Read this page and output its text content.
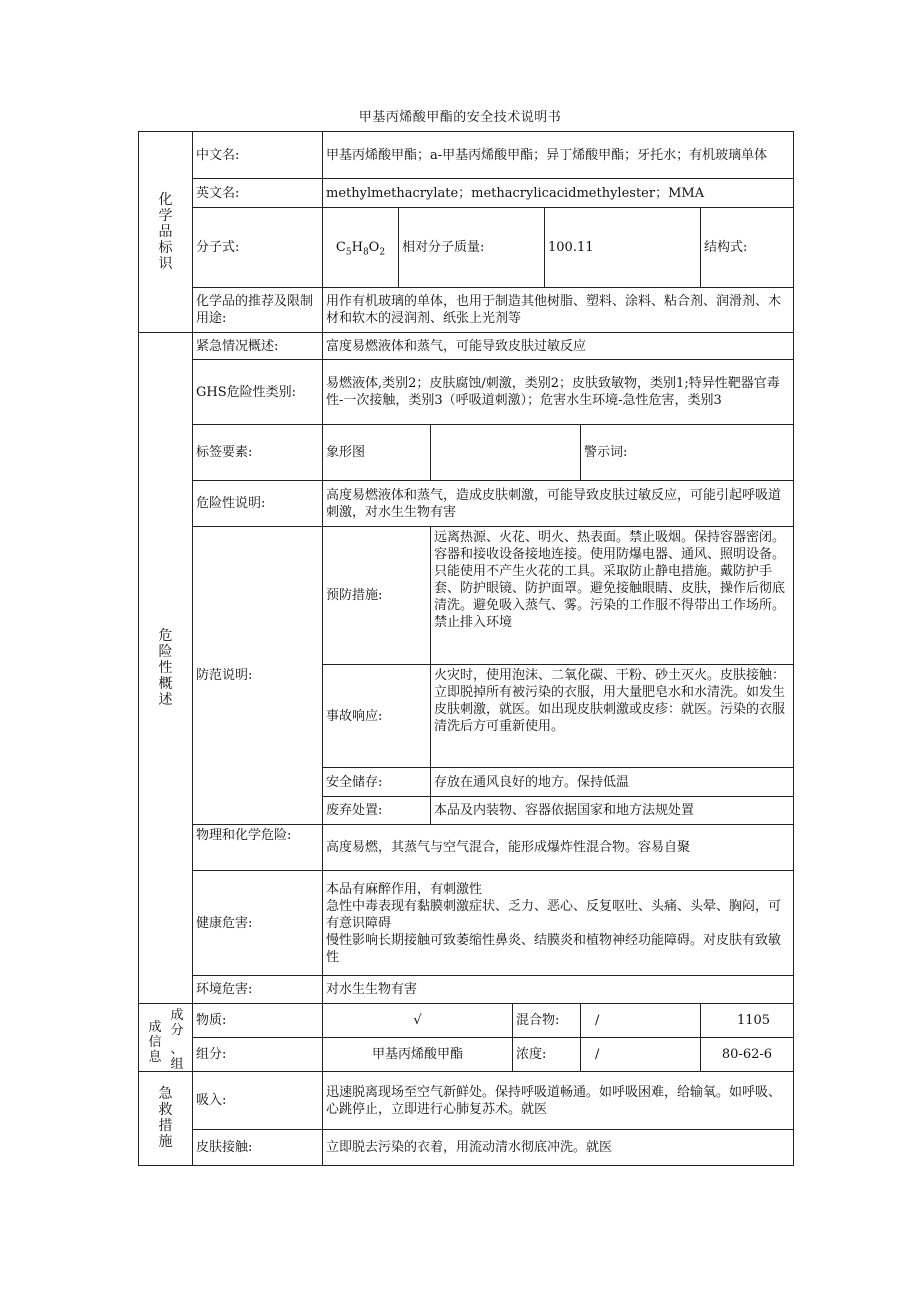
甲基丙烯酸甲酯的安全技术说明书
化学品标识	中文名:	甲基丙烯酸甲酯；a-甲基丙烯酸甲酯；异丁烯酸甲酯；牙托水；有机玻璃单体							
	英文名:	methylmethacrylate；methacrylicacidmethylester；MMA							
	分子式:	$C_5H_8O_2$	相对分子质量:			100.11		结构式:	

	化学品的推荐及限制用途:	用作有机玻璃的单体，也用于制造其他树脂、塑料、涂料、粘合剂、润滑剂、木材和软木的浸润剂、纸张上光剂等							
危险性概述	紧急情况概述:	富度易燃液体和蒸气，可能导致皮肤过敏反应							
	GHS危险性类别:	易燃液体,类别2；皮肤腐蚀/刺激，类别2；皮肤致敏物，类别1;特异性靶器官毒性-一次接触，类别3（呼吸道刺激）；危害水生环境-急性危害，类别3							
	标签要素:	象形图					警示词:	
	危险性说明:	高度易燃液体和蒸气，造成皮肤刺激，可能导致皮肤过敏反应，可能引起呼吸道刺激，对水生生物有害							
	防范说明:	预防措施:		远离热源、火花、明火、热表面。禁止吸烟。保持容器密闭。容器和接收设备接地连接。使用防爆电器、通风、照明设备。只能使用不产生火花的工具。采取防止静电措施。戴防护手套、防护眼镜、防护面罩。避免接触眼睛、皮肤，操作后彻底清洗。避免吸入蒸气、雾。污染的工作服不得带出工作场所。禁止排入环境					
		事故响应:		火灾时，使用泡沫、二氧化碳、干粉、砂土灭火。皮肤接触：立即脱掉所有被污染的衣服，用大量肥皂水和水清洗。如发生皮肤刺激，就医。如出现皮肤刺激或皮疹：就医。污染的衣服清洗后方可重新使用。					
		安全储存:		存放在通风良好的地方。保持低温					
		废弃处置:		本品及内装物、容器依据国家和地方法规处置					
	物理和化学危险:	高度易燃，其蒸气与空气混合，能形成爆炸性混合物。容易自聚							
	健康危害:	本品有麻醉作用，有刺激性
急性中毒表现有黏膜刺激症状、乏力、恶心、反复呕吐、头痛、头晕、胸闷，可有意识障碍
慢性影响长期接触可致萎缩性鼻炎、结膜炎和植物神经功能障碍。对皮肤有致敏性							

	环境危害:	对水生生物有害							

成分
成信息
、组	物质:	√			混合物:		/	1105	

	组分:	甲基丙烯酸甲酯			浓度:		/	80-62-6	

急救措施	吸入:	迅速脱离现场至空气新鲜处。保持呼吸道畅通。如呼吸困难，给输氧。如呼吸、心跳停止，立即进行心肺复苏术。就医							
	皮肤接触:	立即脱去污染的衣着，用流动清水彻底冲洗。就医							
